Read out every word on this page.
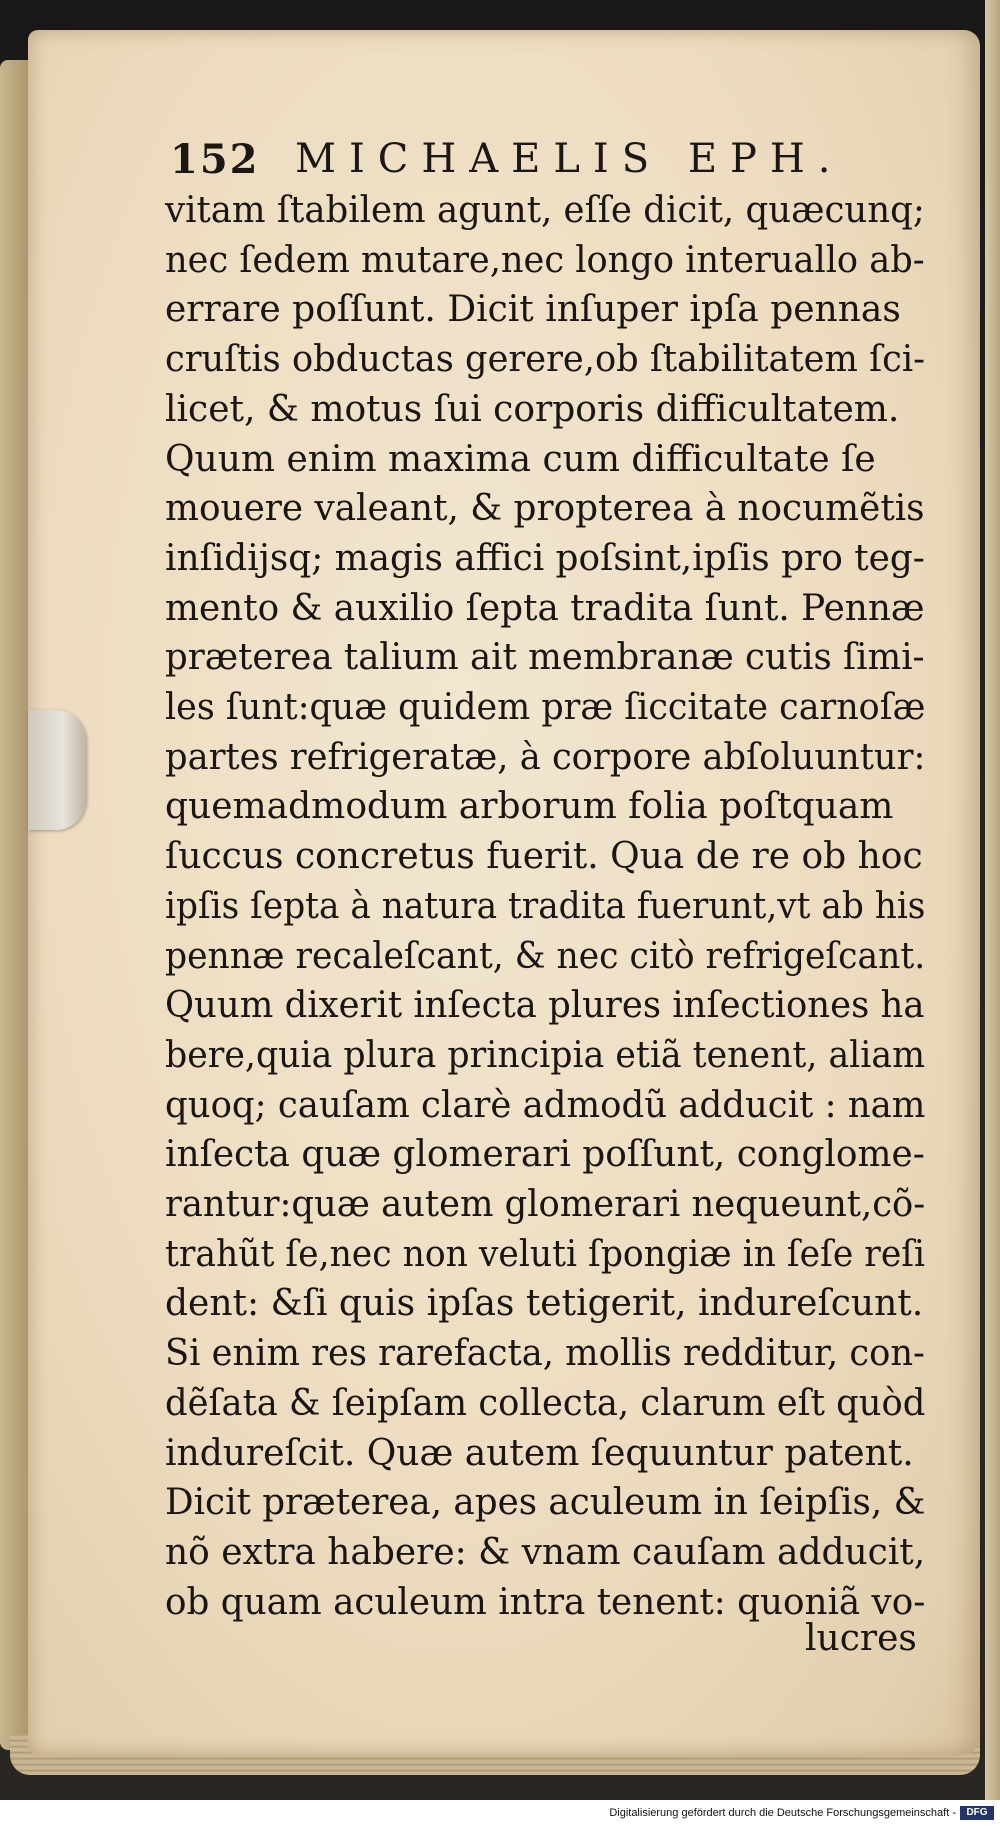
152 MICHAELIS EPH.
vitam ſtabilem agunt, eſſe dicit, quæcunq;
nec ſedem mutare,nec longo interuallo ab-
errare poſſunt. Dicit inſuper ipſa pennas
cruſtis obductas gerere,ob ſtabilitatem ſci-
licet, & motus ſui corporis difficultatem.
Quum enim maxima cum difficultate ſe
mouere valeant, & propterea à nocumẽtis
inſidijsq; magis affici poſsint,ipſis pro teg-
mento & auxilio ſepta tradita ſunt. Pennæ
præterea talium ait membranæ cutis ſimi-
les ſunt:quæ quidem præ ſiccitate carnoſæ
partes refrigeratæ, à corpore abſoluuntur:
quemadmodum arborum folia poſtquam
ſuccus concretus fuerit. Qua de re ob hoc
ipſis ſepta à natura tradita fuerunt,vt ab his
pennæ recaleſcant, & nec citò refrigeſcant.
Quum dixerit inſecta plures inſectiones ha
bere,quia plura principia etiã tenent, aliam
quoq; cauſam clarè admodũ adducit : nam
inſecta quæ glomerari poſſunt, conglome-
rantur:quæ autem glomerari nequeunt,cõ-
trahũt ſe,nec non veluti ſpongiæ in ſeſe reſi
dent: &ſi quis ipſas tetigerit, indureſcunt.
Si enim res rarefacta, mollis redditur, con-
dẽſata & ſeipſam collecta, clarum eſt quòd
indureſcit. Quæ autem ſequuntur patent.
Dicit præterea, apes aculeum in ſeipſis, &
nõ extra habere: & vnam cauſam adducit,
ob quam aculeum intra tenent: quoniã vo-
lucres
Digitalisierung gefördert durch die Deutsche Forschungsgemeinschaft -	DFG
